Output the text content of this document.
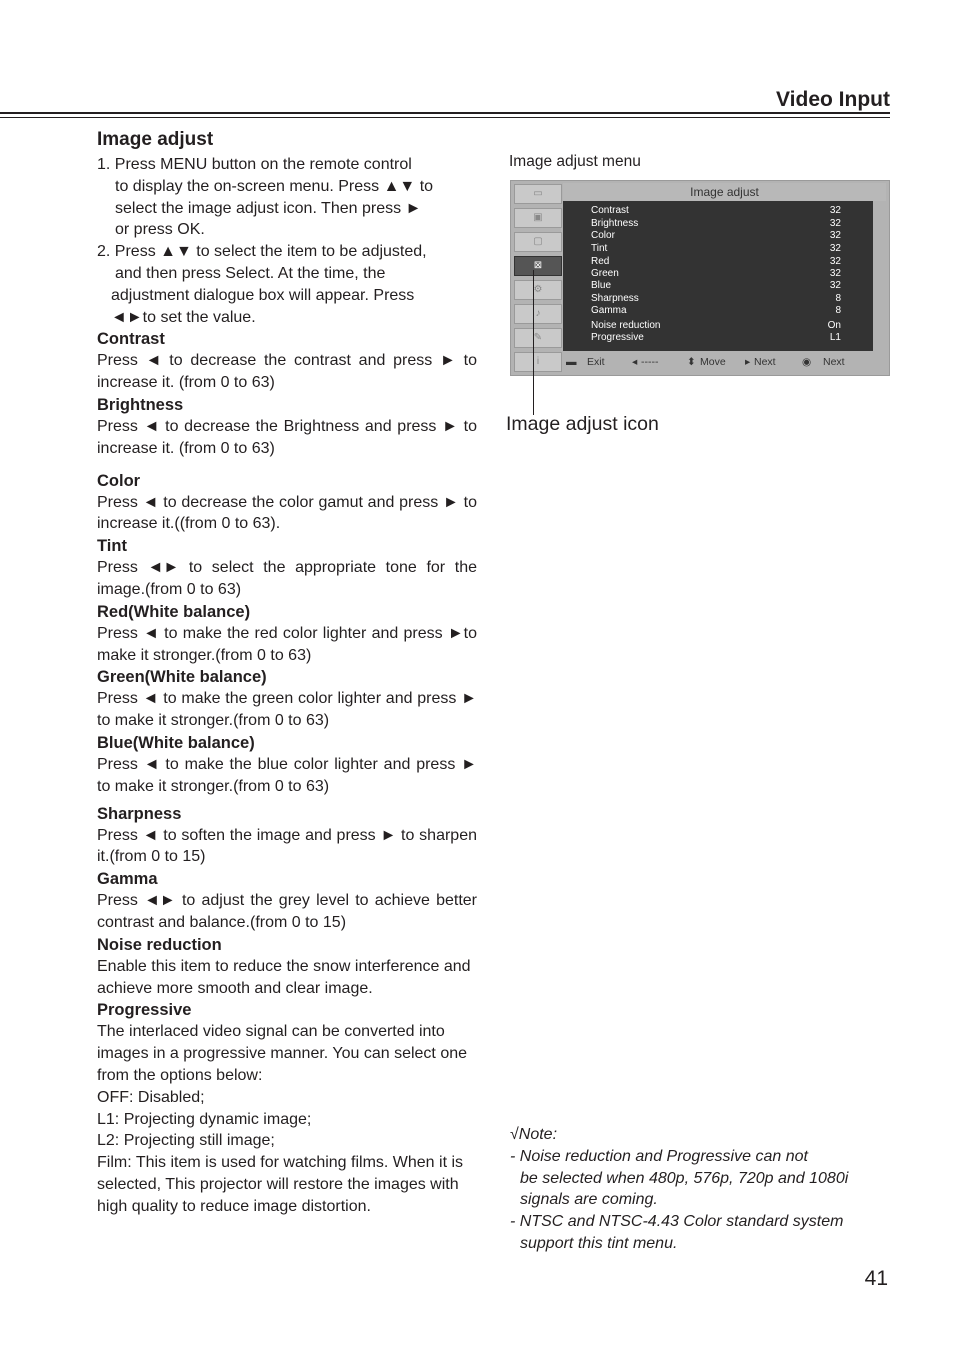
Video Input
Image adjust
1. Press MENU button on the remote control
to display the on-screen menu. Press ▲▼ to
select the image adjust icon. Then press ►
or press OK.
2. Press ▲▼ to select the item to be adjusted,
and then press Select. At the time, the
adjustment dialogue box will appear. Press
◄►to set the value.
Contrast

Press ◄ to decrease the contrast and press ► to increase it. (from 0 to 63)

Brightness

Press ◄ to decrease the Brightness and press ► to increase it. (from 0 to 63)

Color

Press ◄ to decrease the color gamut and press ► to increase it.((from 0 to 63).

Tint

Press ◄► to select the appropriate tone for the image.(from 0 to 63)

Red(White balance)

Press ◄ to make the red color lighter and press ►to make it stronger.(from 0 to 63)

Green(White balance)

Press ◄ to make the green color lighter and press ► to make it stronger.(from 0 to 63)

Blue(White balance)

Press ◄ to make the blue color lighter and press ► to make it stronger.(from 0 to 63)

Sharpness

Press ◄ to soften the image and press ► to sharpen it.(from 0 to 15)

Gamma

Press ◄► to adjust the grey level to achieve better contrast and balance.(from 0 to 15)

Noise reduction

Enable this item to reduce the snow interference and achieve more smooth and clear image.

Progressive

The interlaced video signal can be converted into images in a progressive manner. You can select one from the options below:

OFF: Disabled;

L1: Projecting dynamic image;

L2: Projecting still image;

Film: This item is used for watching films. When it is selected, This projector will restore the images with high quality to reduce image distortion.

Image adjust menu
▭
▣
▢
⊠
⚙
♪
✎
i
Image adjust
Contrast	32
Brightness	32
Color	32
Tint	32
Red	32
Green	32
Blue	32
Sharpness	8
Gamma	8
Noise reduction	On
Progressive	L1
▬ Exit	◂ -----	⬍ Move ▸ Next	◉ Next
Image adjust icon
√Note:
- Noise reduction and Progressive can not
be selected when 480p, 576p, 720p and 1080i
signals are coming.
- NTSC and NTSC-4.43 Color standard system
support this tint menu.
41
